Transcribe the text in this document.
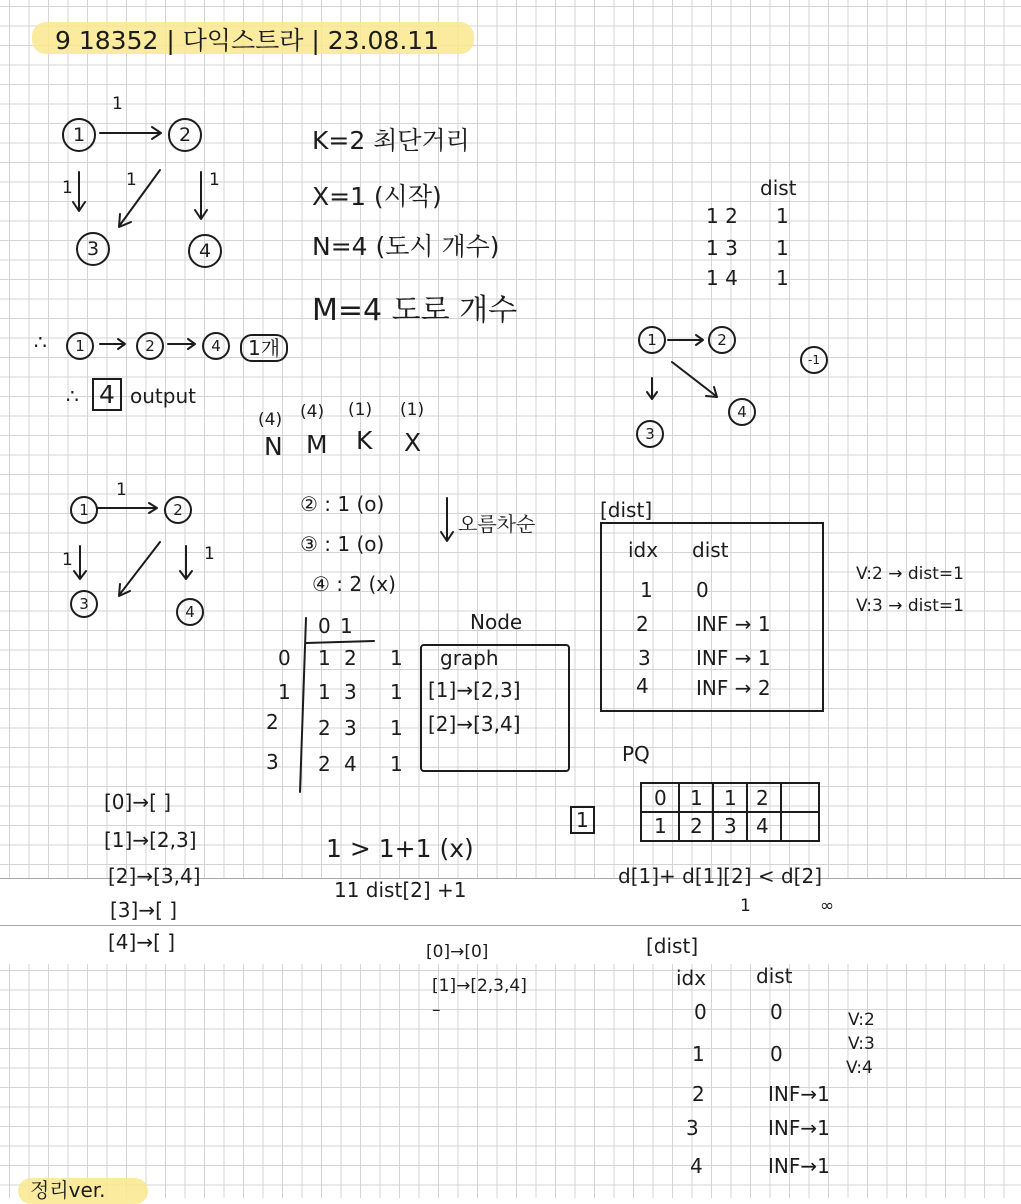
9 18352 | 다익스트라 | 23.08.11
1	2
3	4
1
1	1	1
∴	1	2	4	1개
∴ 4 output
K=2 최단거리
X=1 (시작)
N=4 (도시 개수)
M=4 도로 개수
(4) (4) (1) (1)
N M K X
dist
1 2 1
1 3 1
1 4 1
1	2
3
4
-1
1	2
3	4
1
1	1
② : 1 (o)
③ : 1 (o)
④ : 2 (x)
오름차순
0 1
0 1 2 1
1 1 3 1
2 2 3 1
3 2 4 1
Node
graph
[1]→[2,3]
[2]→[3,4]
[0]→[ ]
[1]→[2,3]
[2]→[3,4]
[3]→[ ]
[4]→[ ]
1 > 1+1 (x)
11 dist[2] +1
[dist]
idx dist
1 0
2 INF → 1
3 INF → 1
4 INF → 2
V:2 → dist=1
V:3 → dist=1
PQ
1
0 1 1 2
1 2 3 4
d[1]+ d[1][2] < d[2]
1	∞
[0]→[0]
[1]→[2,3,4]
–
[dist]
idx dist
0	0
1	0
2	INF→1
3	INF→1
4	INF→1
V:2
V:3
V:4
정리ver.
